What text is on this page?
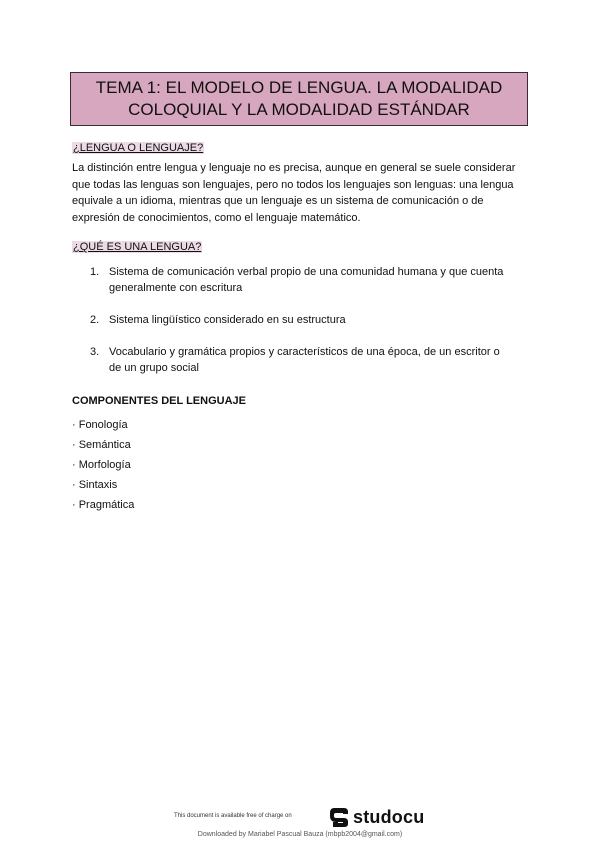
TEMA 1: EL MODELO DE LENGUA. LA MODALIDAD
COLOQUIAL Y LA MODALIDAD ESTÁNDAR
¿LENGUA O LENGUAJE?
La distinción entre lengua y lenguaje no es precisa, aunque en general se suele considerar que todas las lenguas son lenguajes, pero no todos los lenguajes son lenguas: una lengua equivale a un idioma, mientras que un lenguaje es un sistema de comunicación o de expresión de conocimientos, como el lenguaje matemático.
¿QUÉ ES UNA LENGUA?
1. Sistema de comunicación verbal propio de una comunidad humana y que cuenta generalmente con escritura
2. Sistema lingüístico considerado en su estructura
3. Vocabulario y gramática propios y característicos de una época, de un escritor o de un grupo social
COMPONENTES DEL LENGUAJE
· Fonología
· Semántica
· Morfología
· Sintaxis
· Pragmática
This document is available free of charge on	studocu
Downloaded by Mariabel Pascual Bauza (mbpb2004@gmail.com)
